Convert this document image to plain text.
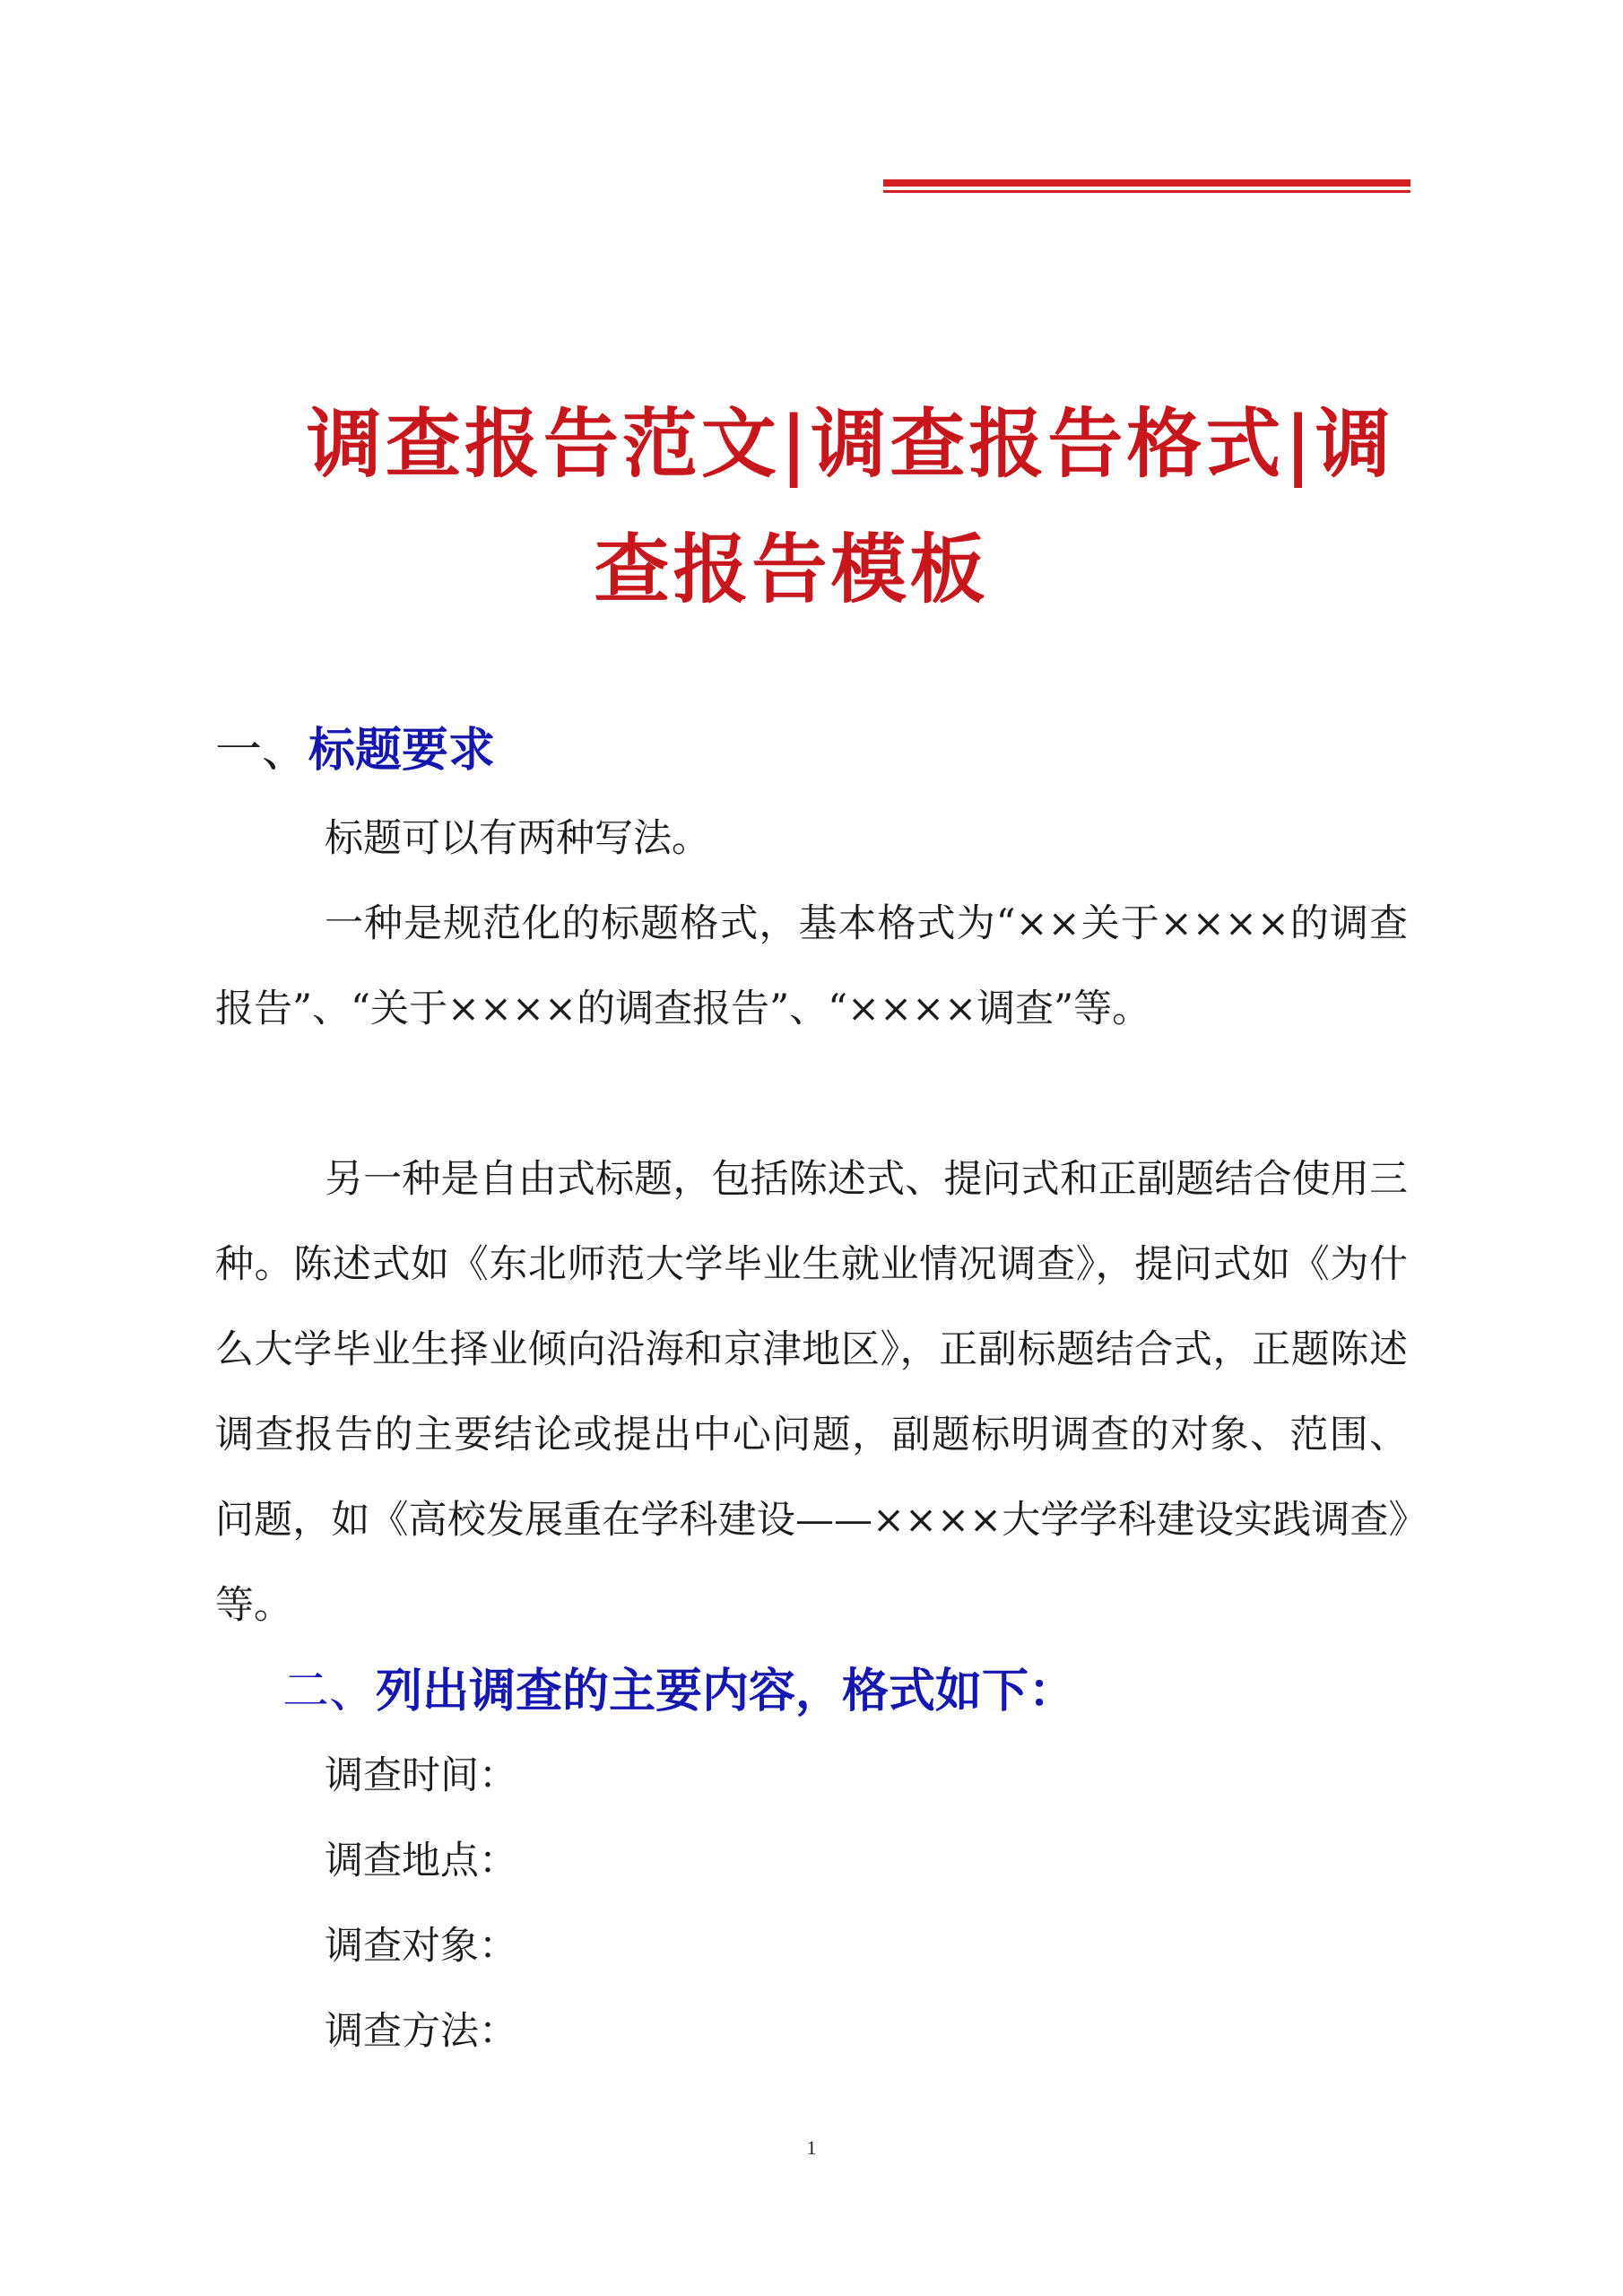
调查报告范文|调查报告格式|调
查报告模板
一、标题要求

标题可以有两种写法。

一种是规范化的标题格式，基本格式为“××关于××××的调查报告”、“关于××××的调查报告”、“××××调查”等。

另一种是自由式标题，包括陈述式、提问式和正副题结合使用三种。陈述式如《东北师范大学毕业生就业情况调查》，提问式如《为什么大学毕业生择业倾向沿海和京津地区》，正副标题结合式，正题陈述调查报告的主要结论或提出中心问题，副题标明调查的对象、范围、问题，如《高校发展重在学科建设——××××大学学科建设实践调查》等。

二、列出调查的主要内容，格式如下：

调查时间：

调查地点：

调查对象：

调查方法：

1
